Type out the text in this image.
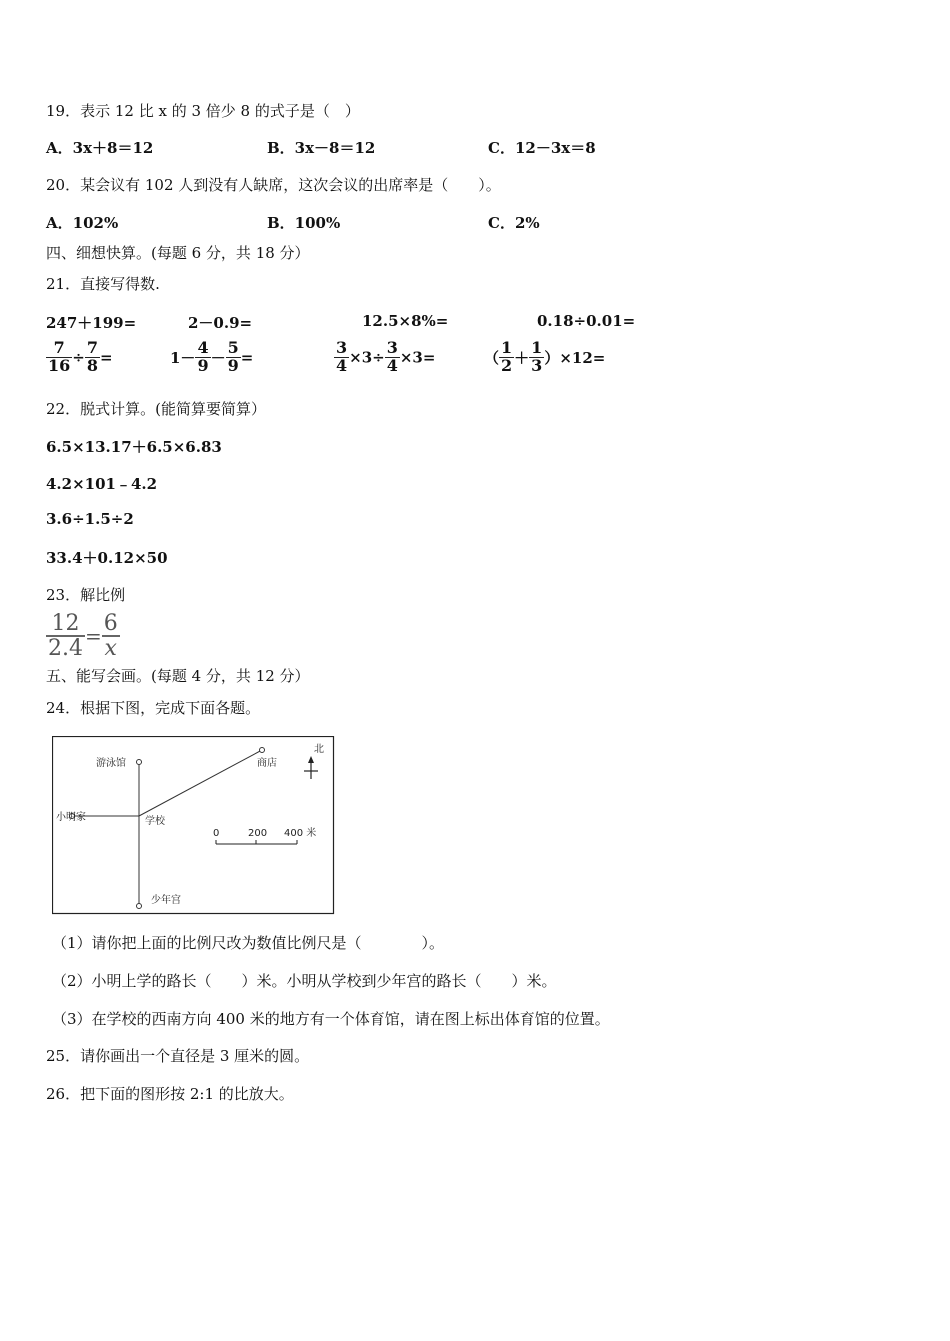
19．表示 12 比 x 的 3 倍少 8 的式子是（　）
A．3x＋8＝12	B．3x－8＝12	C．12－3x＝8
20．某会议有 102 人到没有人缺席，这次会议的出席率是（　　）。
A．102%	B．100%	C．2%
四、细想快算。(每题 6 分，共 18 分）
21．直接写得数.
247＋199=	2－0.9=	12.5×8%=	0.18÷0.01=
$\frac{7}{16} \div \frac{7}{8}$ =	$1- \frac{4}{9} - \frac{5}{9}$ =	$\frac{3}{4} \times 3\div \frac{3}{4} \times 3=$	（ $\frac{1}{2} + \frac{1}{3} )\times 12=$
22．脱式计算。(能简算要简算）
6.5×13.17＋6.5×6.83
4.2×101﹣4.2
3.6÷1.5÷2
33.4＋0.12×50
23．解比例
$\frac{12}{2.4} = \frac{6}{x}$
五、能写会画。(每题 4 分，共 12 分）
24．根据下图，完成下面各题。
游泳馆	商店
小明家	学校
少年宫
北
0	200 400 米
（1）请你把上面的比例尺改为数值比例尺是（　　　　）。
（2）小明上学的路长（　　）米。小明从学校到少年宫的路长（　　）米。
（3）在学校的西南方向 400 米的地方有一个体育馆，请在图上标出体育馆的位置。
25．请你画出一个直径是 3 厘米的圆。
26．把下面的图形按 2:1 的比放大。
